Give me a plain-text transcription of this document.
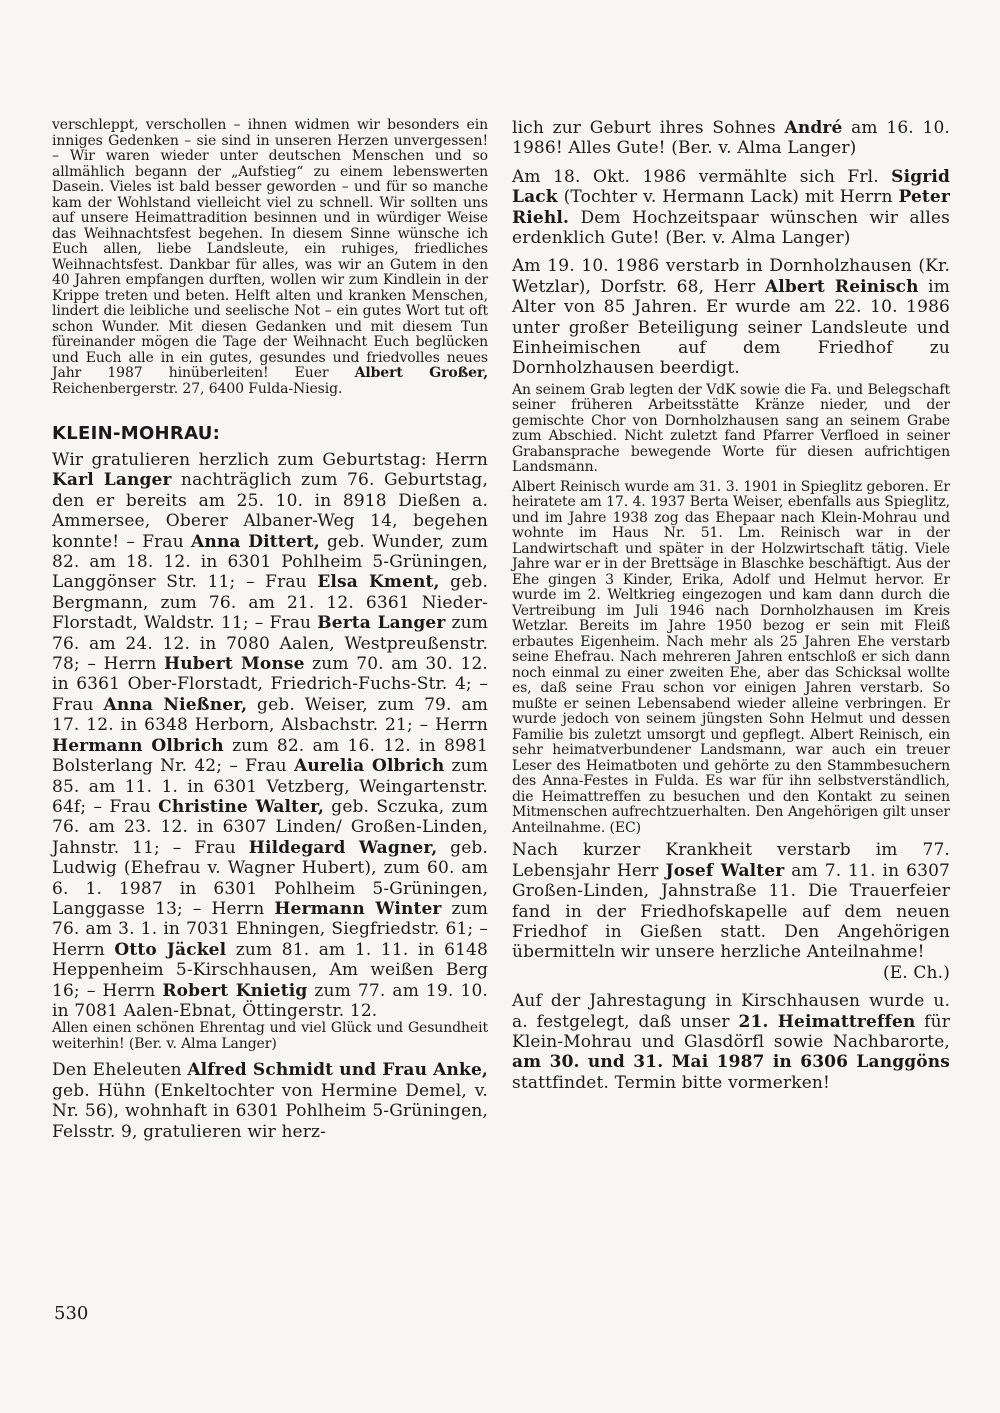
verschleppt, verschollen – ihnen widmen wir besonders ein inniges Gedenken – sie sind in unseren Herzen unvergessen! – Wir waren wieder unter deutschen Menschen und so allmählich begann der „Aufstieg“ zu einem lebenswerten Dasein. Vieles ist bald besser geworden – und für so manche kam der Wohlstand vielleicht viel zu schnell. Wir sollten uns auf unsere Heimattradition besinnen und in würdiger Weise das Weihnachtsfest begehen. In diesem Sinne wünsche ich Euch allen, liebe Landsleute, ein ruhiges, friedliches Weihnachtsfest. Dankbar für alles, was wir an Gutem in den 40 Jahren empfangen durften, wollen wir zum Kindlein in der Krippe treten und beten. Helft alten und kranken Menschen, lindert die leibliche und seelische Not – ein gutes Wort tut oft schon Wunder. Mit diesen Gedanken und mit diesem Tun füreinander mögen die Tage der Weihnacht Euch beglücken und Euch alle in ein gutes, gesundes und friedvolles neues Jahr 1987 hinüberleiten! Euer Albert Großer, Reichenbergerstr. 27, 6400 Fulda-Niesig.

KLEIN-MOHRAU:

Wir gratulieren herzlich zum Geburtstag: Herrn Karl Langer nachträglich zum 76. Geburtstag, den er bereits am 25. 10. in 8918 Dießen a. Ammersee, Oberer Albaner-Weg 14, begehen konnte! – Frau Anna Dittert, geb. Wunder, zum 82. am 18. 12. in 6301 Pohlheim 5-Grüningen, Langgönser Str. 11; – Frau Elsa Kment, geb. Bergmann, zum 76. am 21. 12. 6361 Nieder-Florstadt, Waldstr. 11; – Frau Berta Langer zum 76. am 24. 12. in 7080 Aalen, Westpreußenstr. 78; – Herrn Hubert Monse zum 70. am 30. 12. in 6361 Ober-Florstadt, Friedrich-Fuchs-Str. 4; – Frau Anna Nießner, geb. Weiser, zum 79. am 17. 12. in 6348 Herborn, Alsbachstr. 21; – Herrn Hermann Olbrich zum 82. am 16. 12. in 8981 Bolsterlang Nr. 42; – Frau Aurelia Olbrich zum 85. am 11. 1. in 6301 Vetzberg, Weingartenstr. 64f; – Frau Christine Walter, geb. Sczuka, zum 76. am 23. 12. in 6307 Linden/ Großen-Linden, Jahnstr. 11; – Frau Hildegard Wagner, geb. Ludwig (Ehefrau v. Wagner Hubert), zum 60. am 6. 1. 1987 in 6301 Pohlheim 5-Grüningen, Langgasse 13; – Herrn Hermann Winter zum 76. am 3. 1. in 7031 Ehningen, Siegfriedstr. 61; – Herrn Otto Jäckel zum 81. am 1. 11. in 6148 Heppenheim 5-Kirschhausen, Am weißen Berg 16; – Herrn Robert Knietig zum 77. am 19. 10. in 7081 Aalen-Ebnat, Öttingerstr. 12.

Allen einen schönen Ehrentag und viel Glück und Gesundheit weiterhin! (Ber. v. Alma Langer)

Den Eheleuten Alfred Schmidt und Frau Anke, geb. Hühn (Enkeltochter von Hermine Demel, v. Nr. 56), wohnhaft in 6301 Pohlheim 5-Grüningen, Felsstr. 9, gratulieren wir herz-

lich zur Geburt ihres Sohnes André am 16. 10. 1986! Alles Gute! (Ber. v. Alma Langer)

Am 18. Okt. 1986 vermählte sich Frl. Sigrid Lack (Tochter v. Hermann Lack) mit Herrn Peter Riehl. Dem Hochzeitspaar wünschen wir alles erdenklich Gute! (Ber. v. Alma Langer)

Am 19. 10. 1986 verstarb in Dornholzhausen (Kr. Wetzlar), Dorfstr. 68, Herr Albert Reinisch im Alter von 85 Jahren. Er wurde am 22. 10. 1986 unter großer Beteiligung seiner Landsleute und Einheimischen auf dem Friedhof zu Dornholzhausen beerdigt.

An seinem Grab legten der VdK sowie die Fa. und Belegschaft seiner früheren Arbeitsstätte Kränze nieder, und der gemischte Chor von Dornholzhausen sang an seinem Grabe zum Abschied. Nicht zuletzt fand Pfarrer Verfloed in seiner Grabansprache bewegende Worte für diesen aufrichtigen Landsmann.

Albert Reinisch wurde am 31. 3. 1901 in Spieglitz geboren. Er heiratete am 17. 4. 1937 Berta Weiser, ebenfalls aus Spieglitz, und im Jahre 1938 zog das Ehepaar nach Klein-Mohrau und wohnte im Haus Nr. 51. Lm. Reinisch war in der Landwirtschaft und später in der Holzwirtschaft tätig. Viele Jahre war er in der Brettsäge in Blaschke beschäftigt. Aus der Ehe gingen 3 Kinder, Erika, Adolf und Helmut hervor. Er wurde im 2. Weltkrieg eingezogen und kam dann durch die Vertreibung im Juli 1946 nach Dornholzhausen im Kreis Wetzlar. Bereits im Jahre 1950 bezog er sein mit Fleiß erbautes Eigenheim. Nach mehr als 25 Jahren Ehe verstarb seine Ehefrau. Nach mehreren Jahren entschloß er sich dann noch einmal zu einer zweiten Ehe, aber das Schicksal wollte es, daß seine Frau schon vor einigen Jahren verstarb. So mußte er seinen Lebensabend wieder alleine verbringen. Er wurde jedoch von seinem jüngsten Sohn Helmut und dessen Familie bis zuletzt umsorgt und gepflegt. Albert Reinisch, ein sehr heimatverbundener Landsmann, war auch ein treuer Leser des Heimatboten und gehörte zu den Stammbesuchern des Anna-Festes in Fulda. Es war für ihn selbstverständlich, die Heimattreffen zu besuchen und den Kontakt zu seinen Mitmenschen aufrechtzuerhalten. Den Angehörigen gilt unser Anteilnahme. (EC)

Nach kurzer Krankheit verstarb im 77. Lebensjahr Herr Josef Walter am 7. 11. in 6307 Großen-Linden, Jahnstraße 11. Die Trauerfeier fand in der Friedhofskapelle auf dem neuen Friedhof in Gießen statt. Den Angehörigen übermitteln wir unsere herzliche Anteilnahme!
(E. Ch.)

Auf der Jahrestagung in Kirschhausen wurde u. a. festgelegt, daß unser 21. Heimattreffen für Klein-Mohrau und Glasdörfl sowie Nachbarorte, am 30. und 31. Mai 1987 in 6306 Langgöns stattfindet. Termin bitte vormerken!

530
